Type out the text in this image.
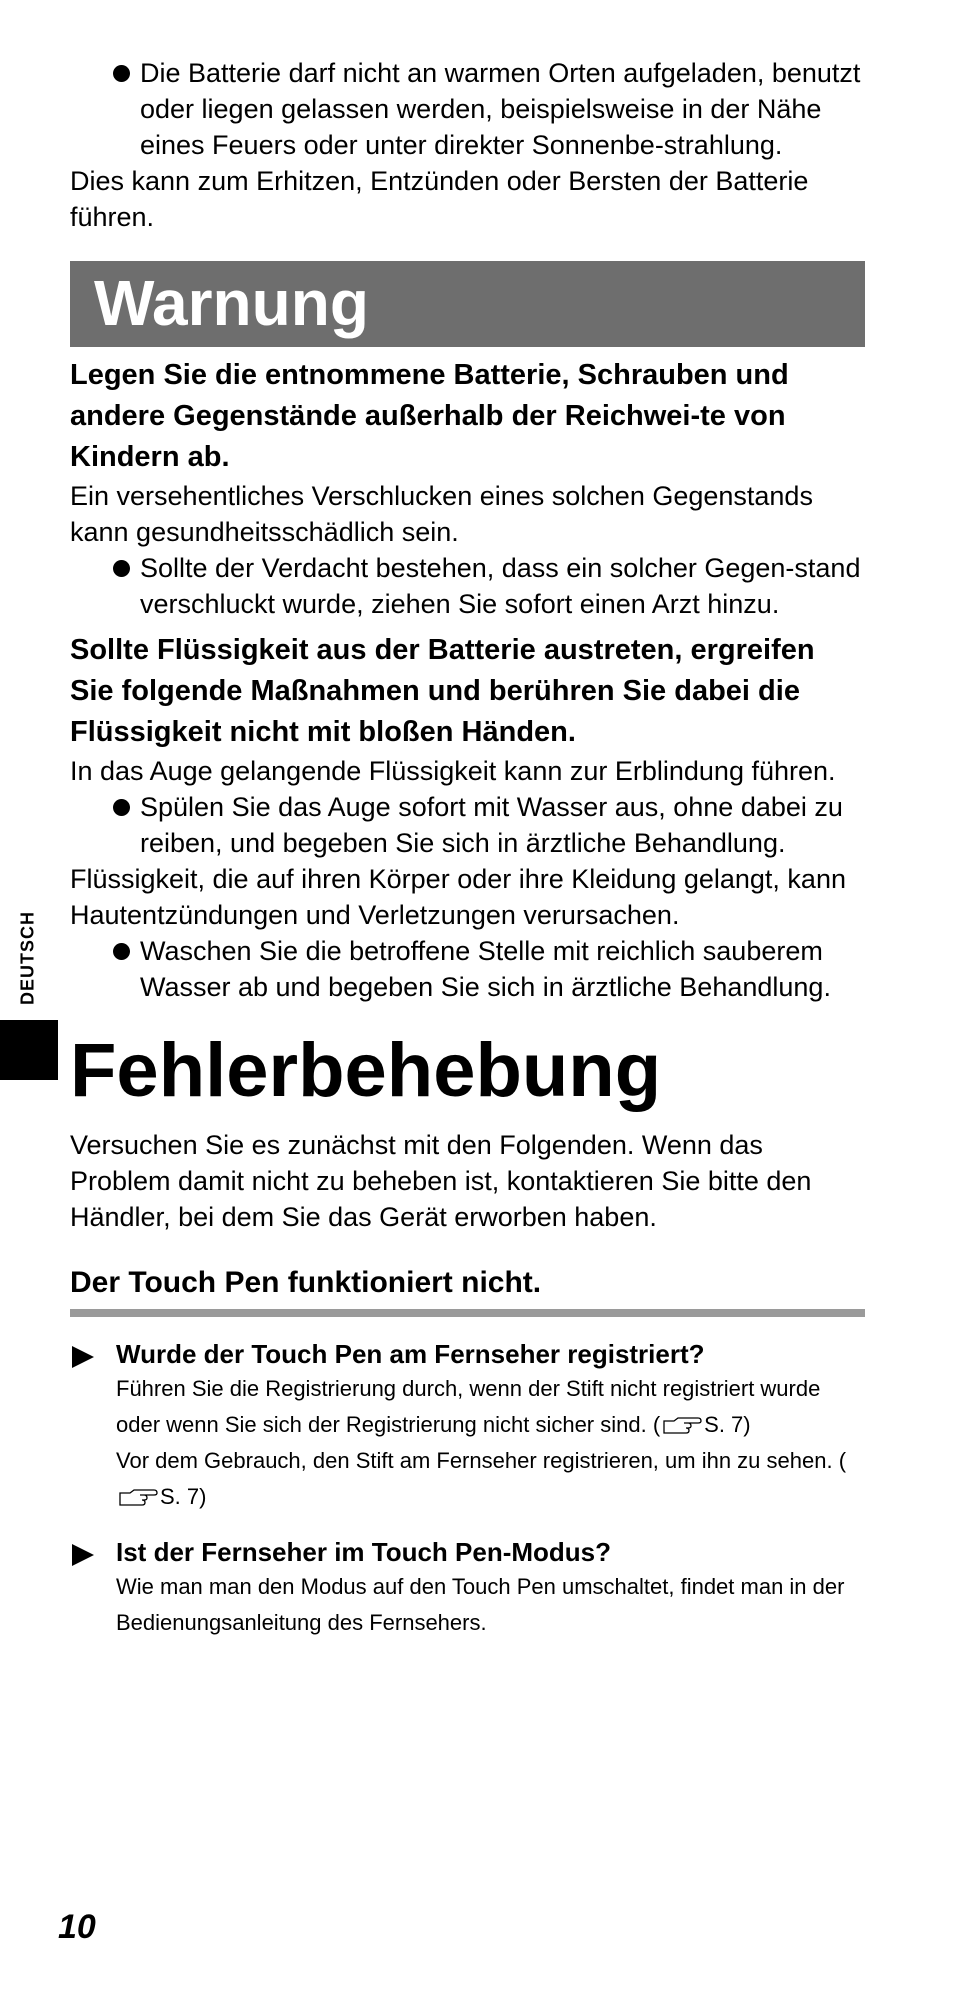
Die Batterie darf nicht an warmen Orten aufgeladen, benutzt oder liegen gelassen werden, beispielsweise in der Nähe eines Feuers oder unter direkter Sonnenbe-strahlung.

Dies kann zum Erhitzen, Entzünden oder Bersten der Batterie führen.

Warnung

Legen Sie die entnommene Batterie, Schrauben und andere Gegenstände außerhalb der Reichwei-te von Kindern ab.

Ein versehentliches Verschlucken eines solchen Gegenstands kann gesundheitsschädlich sein.

Sollte der Verdacht bestehen, dass ein solcher Gegen-stand verschluckt wurde, ziehen Sie sofort einen Arzt hinzu.

Sollte Flüssigkeit aus der Batterie austreten, ergreifen Sie folgende Maßnahmen und berühren Sie dabei die Flüssigkeit nicht mit bloßen Händen.

In das Auge gelangende Flüssigkeit kann zur Erblindung führen.

Spülen Sie das Auge sofort mit Wasser aus, ohne dabei zu reiben, und begeben Sie sich in ärztliche Behandlung.

Flüssigkeit, die auf ihren Körper oder ihre Kleidung gelangt, kann Hautentzündungen und Verletzungen verursachen.

Waschen Sie die betroffene Stelle mit reichlich sauberem Wasser ab und begeben Sie sich in ärztliche Behandlung.
Fehlerbehebung

Versuchen Sie es zunächst mit den Folgenden. Wenn das Problem damit nicht zu beheben ist, kontaktieren Sie bitte den Händler, bei dem Sie das Gerät erworben haben.

Der Touch Pen funktioniert nicht.

Wurde der Touch Pen am Fernseher registriert?

Führen Sie die Registrierung durch, wenn der Stift nicht registriert wurde oder wenn Sie sich der Registrierung nicht sicher sind. ( S. 7)
Vor dem Gebrauch, den Stift am Fernseher registrieren, um ihn zu sehen. (S. 7)

Ist der Fernseher im Touch Pen-Modus?

Wie man man den Modus auf den Touch Pen umschaltet, findet man in der Bedienungsanleitung des Fernsehers.

DEUTSCH
10
